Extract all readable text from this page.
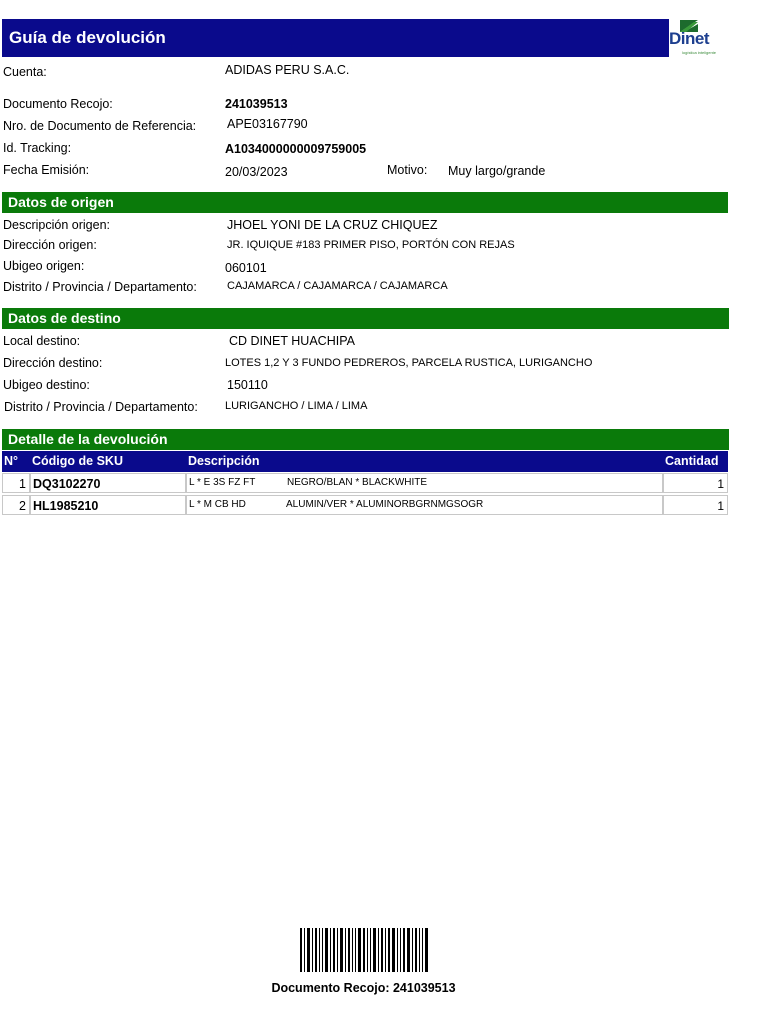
Guía de devolución	Dinet
logística inteligente
Cuenta:	ADIDAS PERU S.A.C.
Documento Recojo:	241039513
Nro. de Documento de Referencia: APE03167790
Id. Tracking:	A1034000000009759005
Fecha Emisión:	20/03/2023	Motivo: Muy largo/grande
Datos de origen
Descripción origen:	JHOEL YONI DE LA CRUZ CHIQUEZ
Dirección origen:	JR. IQUIQUE #183 PRIMER PISO, PORTÓN CON REJAS
Ubigeo origen:	060101
Distrito / Provincia / Departamento:	CAJAMARCA / CAJAMARCA / CAJAMARCA
Datos de destino
Local destino:	CD DINET HUACHIPA
Dirección destino:	LOTES 1,2 Y 3 FUNDO PEDREROS, PARCELA RUSTICA, LURIGANCHO
Ubigeo destino:	150110
Distrito / Provincia / Departamento: LURIGANCHO / LIMA / LIMA
Detalle de la devolución
N° Código de SKU	Descripción	Cantidad
1 DQ3102270	L * E 3S FZ FT	NEGRO/BLAN * BLACKWHITE	1
2 HL1985210	L * M CB HD	ALUMIN/VER * ALUMINORBGRNMGSOGR	1
Documento Recojo: 241039513
